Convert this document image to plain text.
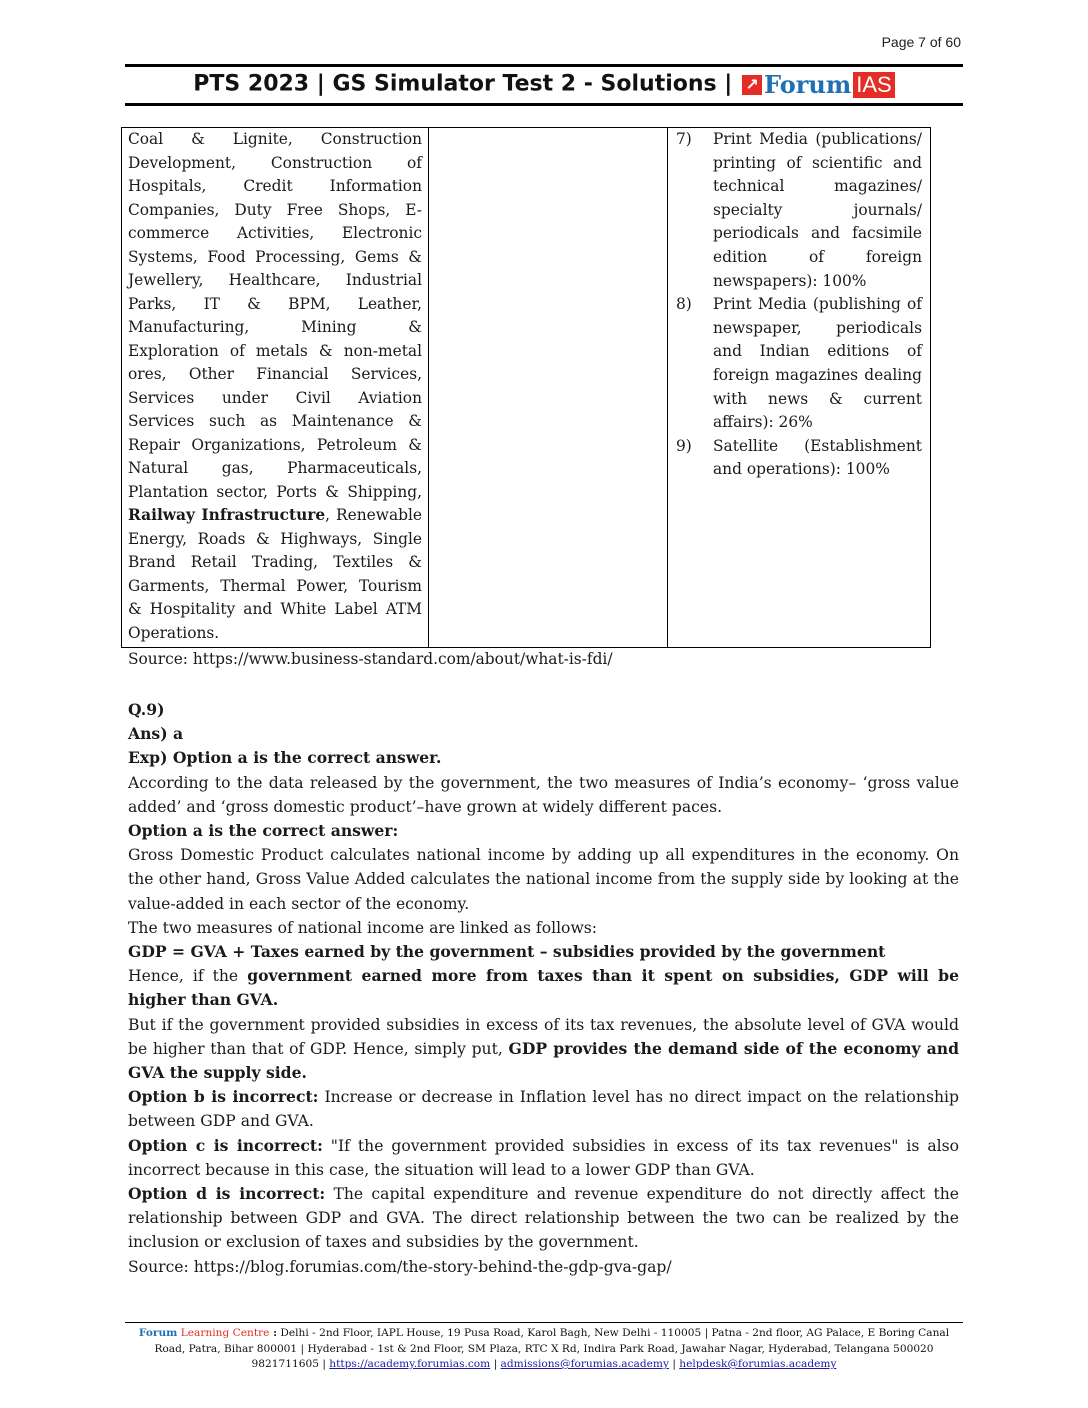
Page 7 of 60
PTS 2023 | GS Simulator Test 2 - Solutions | ↗ Forum IAS
Coal & Lignite, Construction Development, Construction of Hospitals, Credit Information Companies, Duty Free Shops, E-commerce Activities, Electronic Systems, Food Processing, Gems & Jewellery, Healthcare, Industrial Parks, IT & BPM, Leather, Manufacturing, Mining & Exploration of metals & non-metal ores, Other Financial Services, Services under Civil Aviation Services such as Maintenance & Repair Organizations, Petroleum & Natural gas, Pharmaceuticals, Plantation sector, Ports & Shipping, Railway Infrastructure, Renewable Energy, Roads & Highways, Single Brand Retail Trading, Textiles & Garments, Thermal Power, Tourism & Hospitality and White Label ATM Operations.

7)	Print Media (publications/ printing of scientific and technical magazines/ specialty journals/ periodicals and facsimile edition of foreign newspapers): 100%
8)	Print Media (publishing of newspaper, periodicals and Indian editions of foreign magazines dealing with news & current affairs): 26%
9)	Satellite (Establishment and operations): 100%
Source: https://www.business-standard.com/about/what-is-fdi/

Q.9)

Ans) a

Exp) Option a is the correct answer.

According to the data released by the government, the two measures of India’s economy– ‘gross value added’ and ‘gross domestic product’–have grown at widely different paces.

Option a is the correct answer:

Gross Domestic Product calculates national income by adding up all expenditures in the economy. On the other hand, Gross Value Added calculates the national income from the supply side by looking at the value-added in each sector of the economy.

The two measures of national income are linked as follows:

GDP = GVA + Taxes earned by the government – subsidies provided by the government

Hence, if the government earned more from taxes than it spent on subsidies, GDP will be higher than GVA.

But if the government provided subsidies in excess of its tax revenues, the absolute level of GVA would be higher than that of GDP. Hence, simply put, GDP provides the demand side of the economy and GVA the supply side.

Option b is incorrect: Increase or decrease in Inflation level has no direct impact on the relationship between GDP and GVA.

Option c is incorrect: "If the government provided subsidies in excess of its tax revenues" is also incorrect because in this case, the situation will lead to a lower GDP than GVA.

Option d is incorrect: The capital expenditure and revenue expenditure do not directly affect the relationship between GDP and GVA. The direct relationship between the two can be realized by the inclusion or exclusion of taxes and subsidies by the government.

Source: https://blog.forumias.com/the-story-behind-the-gdp-gva-gap/

Forum Learning Centre : Delhi - 2nd Floor, IAPL House, 19 Pusa Road, Karol Bagh, New Delhi - 110005 | Patna - 2nd floor, AG Palace, E Boring Canal Road, Patra, Bihar 800001 | Hyderabad - 1st & 2nd Floor, SM Plaza, RTC X Rd, Indira Park Road, Jawahar Nagar, Hyderabad, Telangana 500020
9821711605 | https://academy.forumias.com | admissions@forumias.academy | helpdesk@forumias.academy
